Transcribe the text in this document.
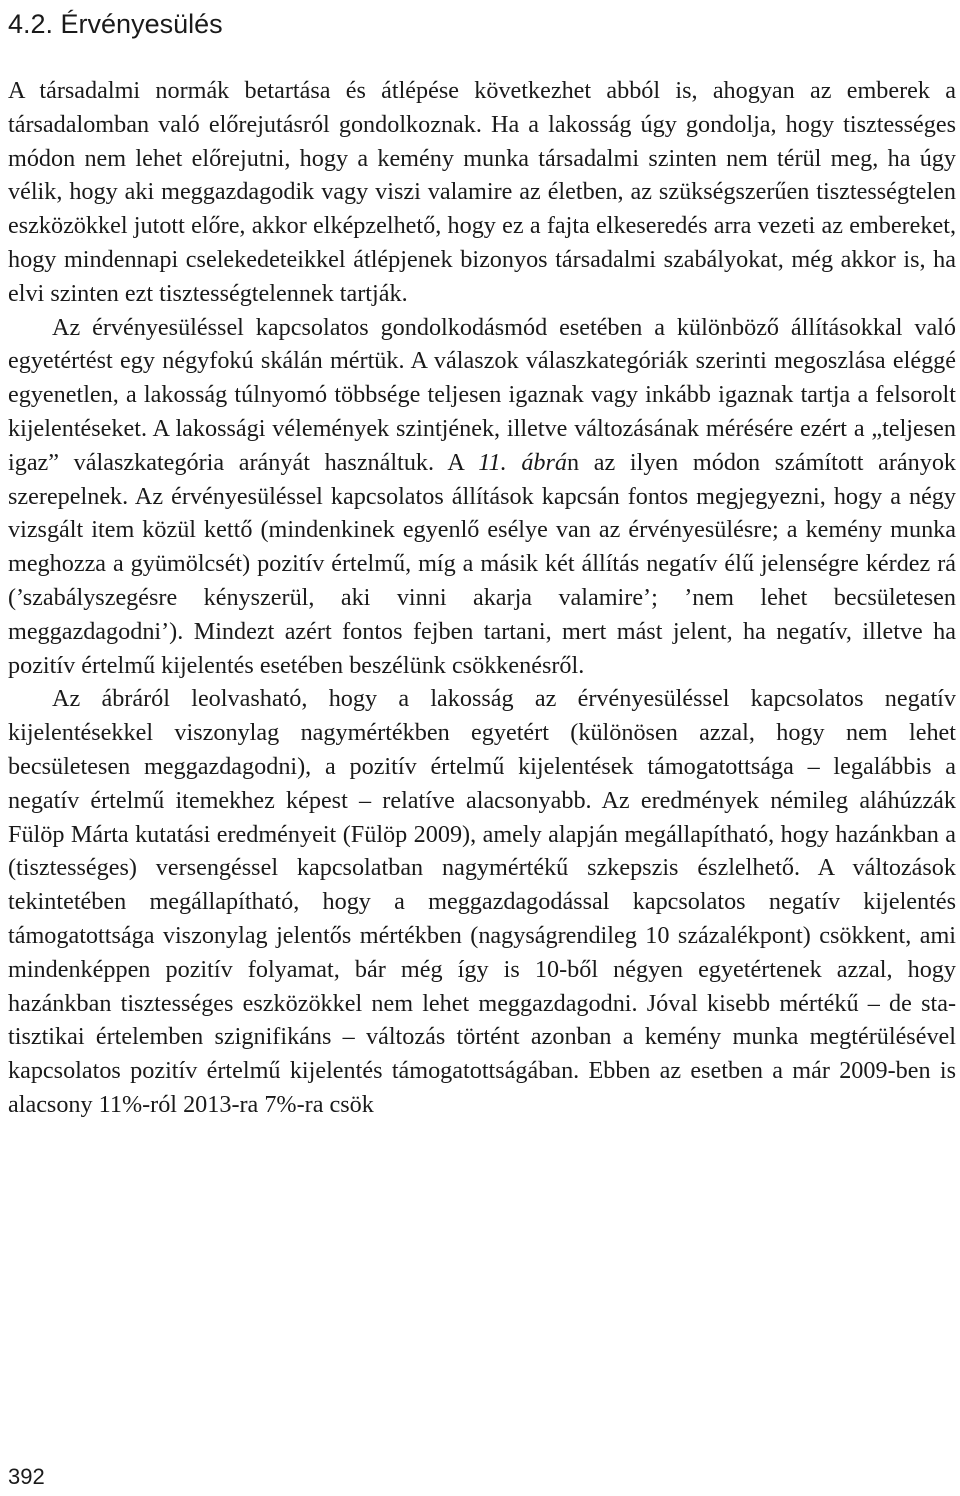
4.2. Érvényesülés

A társadalmi normák betartása és átlépése következhet abból is, ahogyan az emberek a társadalomban való előrejutásról gondolkoznak. Ha a lakosság úgy gondolja, hogy tisztességes módon nem lehet előrejutni, hogy a kemény munka társadalmi szinten nem térül meg, ha úgy vélik, hogy aki meggazdagodik vagy viszi valamire az életben, az szükségszerűen tisztességtelen eszközökkel jutott előre, akkor elképzelhető, hogy ez a fajta elkeseredés arra vezeti az embereket, hogy mindennapi cselekedeteikkel átlépjenek bizonyos társadalmi szabályokat, még akkor is, ha elvi szinten ezt tisztességtelennek tartják.

Az érvényesüléssel kapcsolatos gondolkodásmód esetében a különböző állításokkal való egyetértést egy négyfokú skálán mértük. A válaszok válaszkategóriák szerinti megoszlása eléggé egyenetlen, a lakosság túlnyomó többsége teljesen igaznak vagy inkább igaznak tartja a felsorolt kijelentéseket. A lakossági vélemények szintjének, illetve változásának mérésére ezért a „teljesen igaz” válaszkategória arányát használtuk. A 11. ábrán az ilyen módon számított arányok szerepelnek. Az érvényesüléssel kapcsolatos állítások kapcsán fontos megjegyezni, hogy a négy vizsgált item közül kettő (mindenkinek egyenlő esélye van az érvényesülésre; a kemény munka meghozza a gyümölcsét) pozitív értelmű, míg a másik két állítás negatív élű jelenségre kérdez rá (’szabályszegésre kényszerül, aki vinni akarja valamire’; ’nem lehet becsületesen meggazdagodni’). Mindezt azért fontos fejben tartani, mert mást jelent, ha negatív, illetve ha pozitív értelmű kijelentés esetében beszélünk csökkenésről.

Az ábráról leolvasható, hogy a lakosság az érvényesüléssel kapcsolatos negatív kijelentésekkel viszonylag nagymértékben egyetért (különösen azzal, hogy nem lehet becsületesen meggazdagodni), a pozitív értelmű kijelentések támogatottsága – legalábbis a negatív értelmű itemekhez képest – relatíve alacsonyabb. Az eredmények némileg aláhúzzák Fülöp Márta kutatási eredményeit (Fülöp 2009), amely alapján megállapítható, hogy hazánkban a (tisztességes) versengéssel kapcsolatban nagymértékű szkepszis észlelhető. A változások tekintetében megállapítható, hogy a meggazdagodással kapcsolatos negatív kijelentés támogatottsága viszonylag jelentős mértékben (nagyságrendileg 10 százalékpont) csökkent, ami mindenképpen pozitív folyamat, bár még így is 10-ből négyen egyetértenek azzal, hogy hazánkban tisztességes eszközökkel nem lehet meggazdagodni. Jóval kisebb mértékű – de statisztikai értelemben szignifikáns – változás történt azonban a kemény munka megtérülésével kapcsolatos pozitív értelmű kijelentés támogatottságában. Ebben az esetben a már 2009-ben is alacsony 11%-ról 2013-ra 7%-ra csök

392
